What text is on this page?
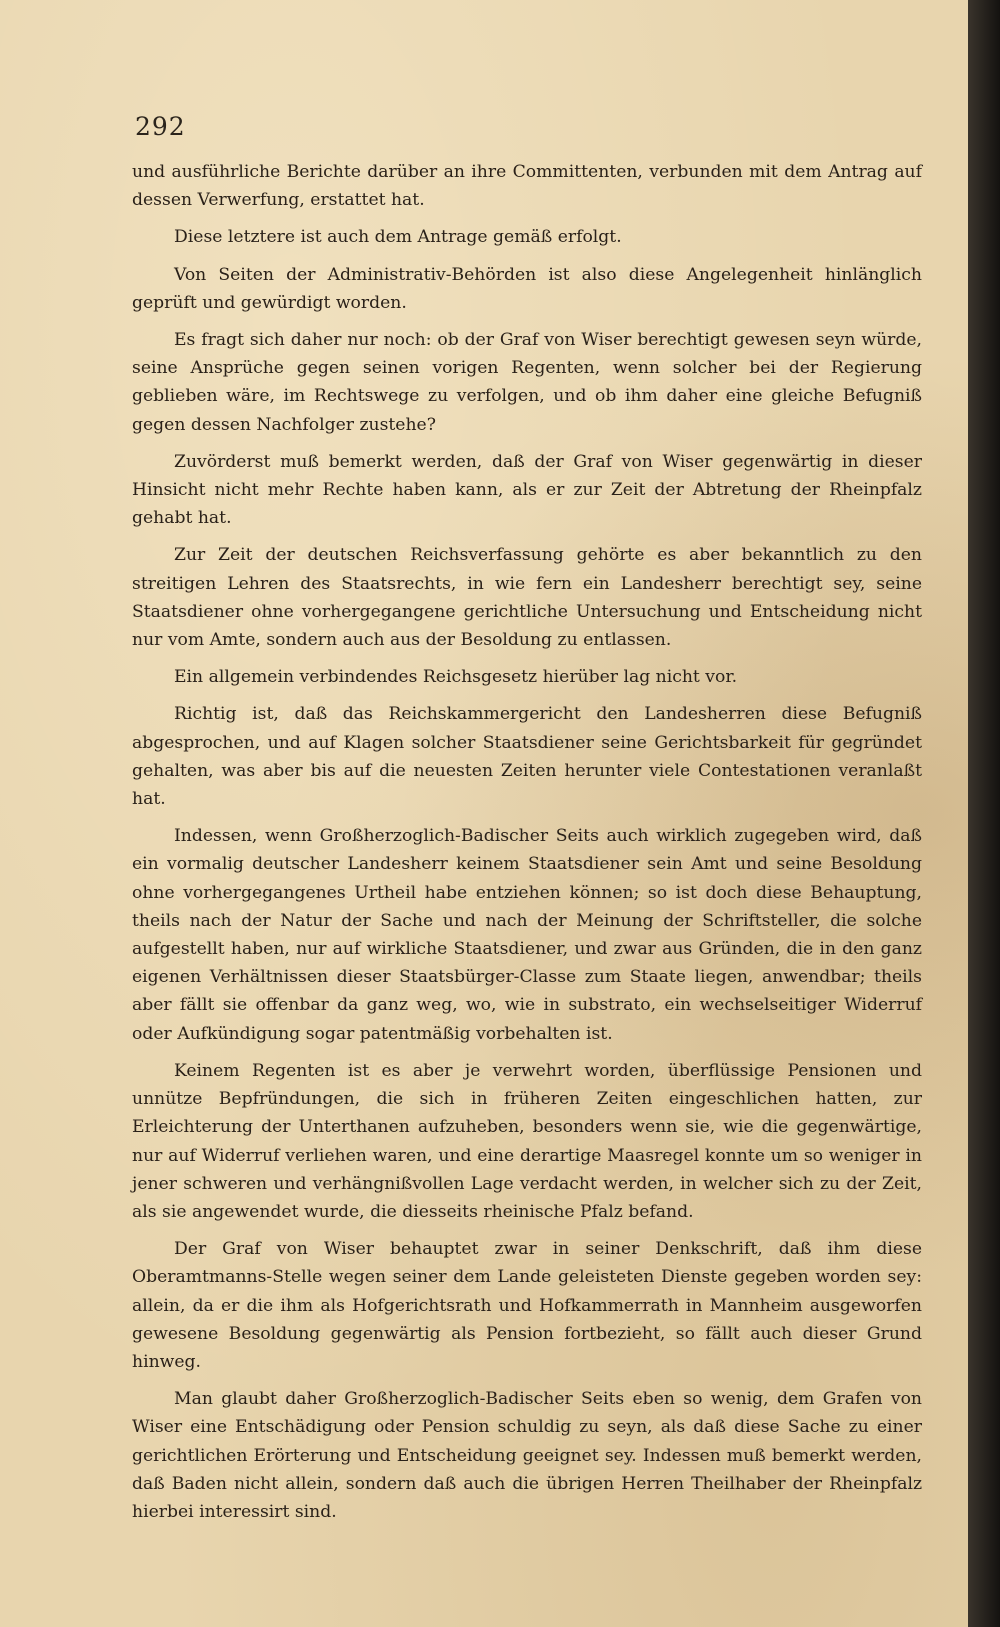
292

und ausführliche Berichte darüber an ihre Committenten, verbunden mit dem Antrag auf dessen Verwerfung, erstattet hat.

Diese letztere ist auch dem Antrage gemäß erfolgt.

Von Seiten der Administrativ-Behörden ist also diese Angelegenheit hinlänglich geprüft und gewürdigt worden.

Es fragt sich daher nur noch: ob der Graf von Wiser berechtigt gewesen seyn würde, seine Ansprüche gegen seinen vorigen Regenten, wenn solcher bei der Regierung geblieben wäre, im Rechtswege zu verfolgen, und ob ihm daher eine gleiche Befugniß gegen dessen Nachfolger zustehe?

Zuvörderst muß bemerkt werden, daß der Graf von Wiser gegenwärtig in dieser Hinsicht nicht mehr Rechte haben kann, als er zur Zeit der Abtretung der Rheinpfalz gehabt hat.

Zur Zeit der deutschen Reichsverfassung gehörte es aber bekanntlich zu den streitigen Lehren des Staatsrechts, in wie fern ein Landesherr berechtigt sey, seine Staatsdiener ohne vorhergegangene gerichtliche Untersuchung und Entscheidung nicht nur vom Amte, sondern auch aus der Besoldung zu entlassen.

Ein allgemein verbindendes Reichsgesetz hierüber lag nicht vor.

Richtig ist, daß das Reichskammergericht den Landesherren diese Befugniß abgesprochen, und auf Klagen solcher Staatsdiener seine Gerichtsbarkeit für gegründet gehalten, was aber bis auf die neuesten Zeiten herunter viele Contestationen veranlaßt hat.

Indessen, wenn Großherzoglich-Badischer Seits auch wirklich zugegeben wird, daß ein vormalig deutscher Landesherr keinem Staatsdiener sein Amt und seine Besoldung ohne vorhergegangenes Urtheil habe entziehen können; so ist doch diese Behauptung, theils nach der Natur der Sache und nach der Meinung der Schriftsteller, die solche aufgestellt haben, nur auf wirkliche Staatsdiener, und zwar aus Gründen, die in den ganz eigenen Verhältnissen dieser Staatsbürger-Classe zum Staate liegen, anwendbar; theils aber fällt sie offenbar da ganz weg, wo, wie in substrato, ein wechselseitiger Widerruf oder Aufkündigung sogar patentmäßig vorbehalten ist.

Keinem Regenten ist es aber je verwehrt worden, überflüssige Pensionen und unnütze Bepfründungen, die sich in früheren Zeiten eingeschlichen hatten, zur Erleichterung der Unterthanen aufzuheben, besonders wenn sie, wie die gegenwärtige, nur auf Widerruf verliehen waren, und eine derartige Maasregel konnte um so weniger in jener schweren und verhängnißvollen Lage verdacht werden, in welcher sich zu der Zeit, als sie angewendet wurde, die diesseits rheinische Pfalz befand.

Der Graf von Wiser behauptet zwar in seiner Denkschrift, daß ihm diese Oberamtmanns-Stelle wegen seiner dem Lande geleisteten Dienste gegeben worden sey: allein, da er die ihm als Hofgerichtsrath und Hofkammerrath in Mannheim ausgeworfen gewesene Besoldung gegenwärtig als Pension fortbezieht, so fällt auch dieser Grund hinweg.

Man glaubt daher Großherzoglich-Badischer Seits eben so wenig, dem Grafen von Wiser eine Entschädigung oder Pension schuldig zu seyn, als daß diese Sache zu einer gerichtlichen Erörterung und Entscheidung geeignet sey. Indessen muß bemerkt werden, daß Baden nicht allein, sondern daß auch die übrigen Herren Theilhaber der Rheinpfalz hierbei interessirt sind.
